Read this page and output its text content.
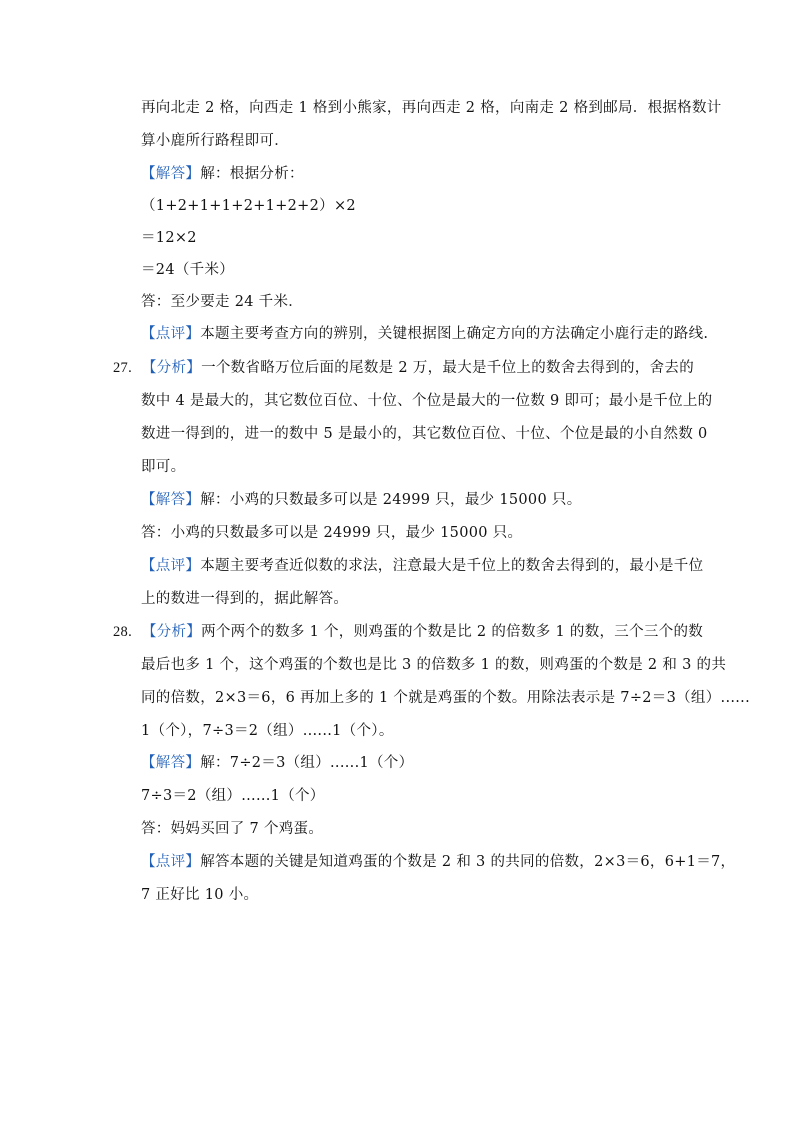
再向北走 2 格，向西走 1 格到小熊家，再向西走 2 格，向南走 2 格到邮局．根据格数计
算小鹿所行路程即可．
【解答】解：根据分析：
（1+2+1+1+2+1+2+2）×2
＝12×2
＝24（千米）
答：至少要走 24 千米．
【点评】本题主要考查方向的辨别，关键根据图上确定方向的方法确定小鹿行走的路线.
27. 【分析】一个数省略万位后面的尾数是 2 万，最大是千位上的数舍去得到的，舍去的
数中 4 是最大的，其它数位百位、十位、个位是最大的一位数 9 即可；最小是千位上的
数进一得到的，进一的数中 5 是最小的，其它数位百位、十位、个位是最的小自然数 0
即可。
【解答】解：小鸡的只数最多可以是 24999 只，最少 15000 只。
答：小鸡的只数最多可以是 24999 只，最少 15000 只。
【点评】本题主要考查近似数的求法，注意最大是千位上的数舍去得到的，最小是千位
上的数进一得到的，据此解答。
28. 【分析】两个两个的数多 1 个，则鸡蛋的个数是比 2 的倍数多 1 的数，三个三个的数
最后也多 1 个，这个鸡蛋的个数也是比 3 的倍数多 1 的数，则鸡蛋的个数是 2 和 3 的共
同的倍数，2×3＝6，6 再加上多的 1 个就是鸡蛋的个数。用除法表示是 7÷2＝3（组）......
1（个），7÷3＝2（组）......1（个）。
【解答】解：7÷2＝3（组）......1（个）
7÷3＝2（组）......1（个）
答：妈妈买回了 7 个鸡蛋。
【点评】解答本题的关键是知道鸡蛋的个数是 2 和 3 的共同的倍数，2×3＝6，6+1＝7，
7 正好比 10 小。
